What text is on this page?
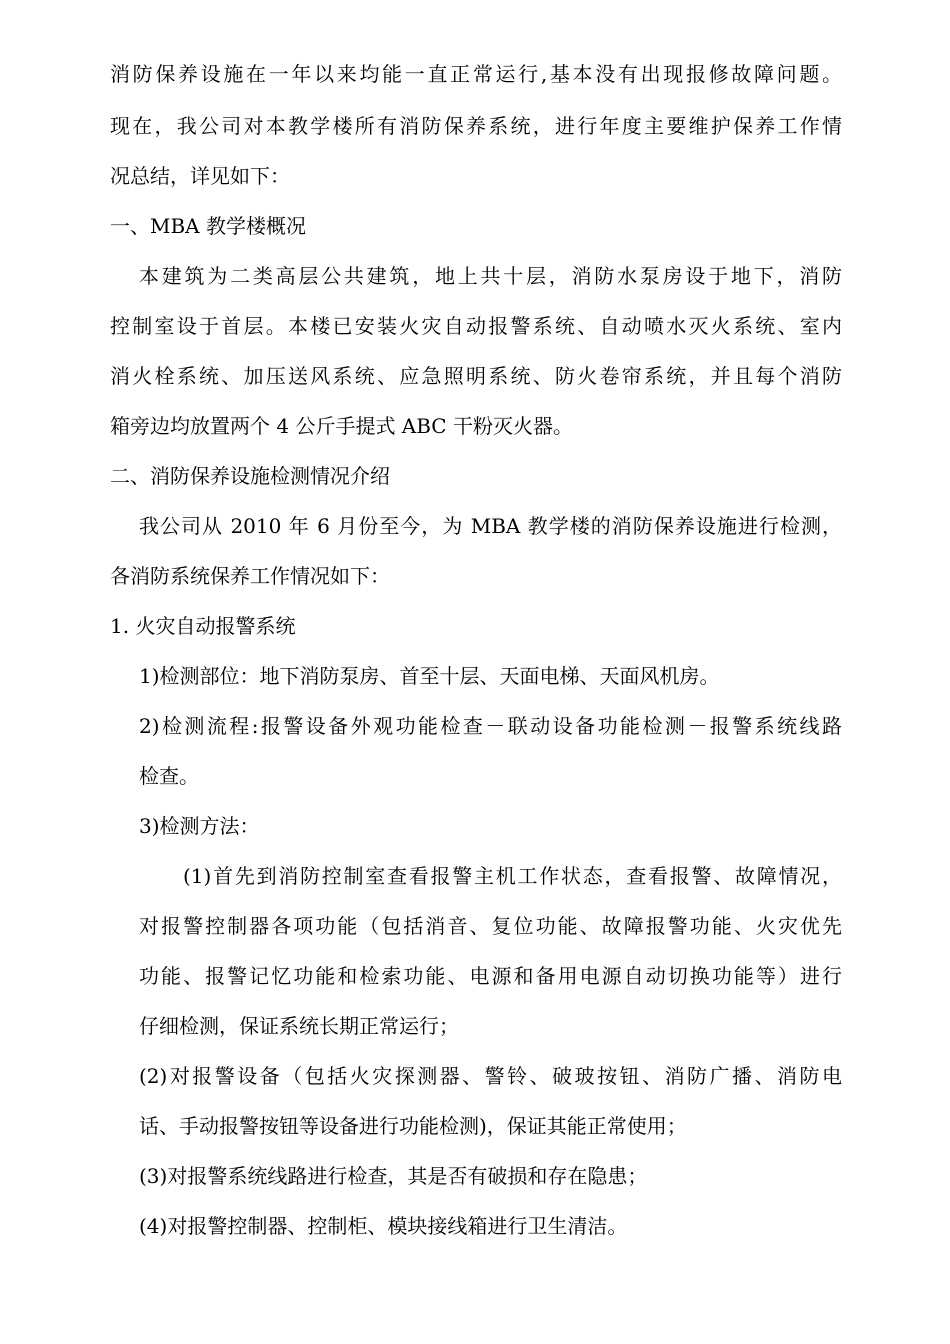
消防保养设施在一年以来均能一直正常运行,基本没有出现报修故障问题。
现在，我公司对本教学楼所有消防保养系统，进行年度主要维护保养工作情
况总结，详见如下：
一、MBA 教学楼概况
本建筑为二类高层公共建筑，地上共十层，消防水泵房设于地下，消防
控制室设于首层。本楼已安装火灾自动报警系统、自动喷水灭火系统、室内
消火栓系统、加压送风系统、应急照明系统、防火卷帘系统，并且每个消防
箱旁边均放置两个 4 公斤手提式 ABC 干粉灭火器。
二、消防保养设施检测情况介绍
我公司从 2010 年 6 月份至今，为 MBA 教学楼的消防保养设施进行检测，
各消防系统保养工作情况如下：
1. 火灾自动报警系统
1)检测部位：地下消防泵房、首至十层、天面电梯、天面风机房。
2)检测流程:报警设备外观功能检查－联动设备功能检测－报警系统线路
检查。
3)检测方法：
(1)首先到消防控制室查看报警主机工作状态，查看报警、故障情况，
对报警控制器各项功能（包括消音、复位功能、故障报警功能、火灾优先
功能、报警记忆功能和检索功能、电源和备用电源自动切换功能等）进行
仔细检测，保证系统长期正常运行；
(2)对报警设备（包括火灾探测器、警铃、破玻按钮、消防广播、消防电
话、手动报警按钮等设备进行功能检测)，保证其能正常使用；
(3)对报警系统线路进行检查，其是否有破损和存在隐患；
(4)对报警控制器、控制柜、模块接线箱进行卫生清洁。
